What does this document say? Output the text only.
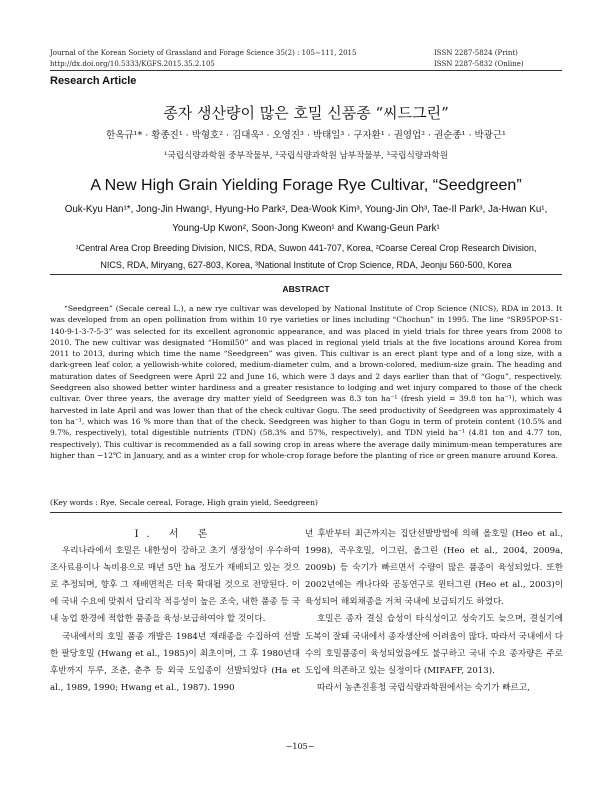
Journal of the Korean Society of Grassland and Forage Science 35(2) : 105∼111, 2015
http://dx.doi.org/10.5333/KGFS.2015.35.2.105
ISSN 2287-5824 (Print)
ISSN 2287-5832 (Online)
Research Article
종자 생산량이 많은 호밀 신품종 “씨드그린”
한옥규¹* · 황종진¹ · 박형호² · 김대욱³ · 오영진³ · 박태일³ · 구자환¹ · 권영업² · 권순종¹ · 박광근¹
¹국립식량과학원 중부작물부, ²국립식량과학원 남부작물부, ³국립식량과학원
A New High Grain Yielding Forage Rye Cultivar, “Seedgreen”
Ouk-Kyu Han¹*, Jong-Jin Hwang¹, Hyung-Ho Park², Dea-Wook Kim³, Young-Jin Oh³, Tae-Il Park³, Ja-Hwan Ku¹,
Young-Up Kwon², Soon-Jong Kweon¹ and Kwang-Geun Park¹
¹Central Area Crop Breeding Division, NICS, RDA, Suwon 441-707, Korea, ²Coarse Cereal Crop Research Division,
NICS, RDA, Miryang, 627-803, Korea, ³National Institute of Crop Science, RDA, Jeonju 560-500, Korea
ABSTRACT
“Seedgreen” (Secale cereal L.), a new rye cultivar was developed by National Institute of Crop Science (NICS), RDA in 2013. It was developed from an open pollination from within 10 rye varieties or lines including “Chochun” in 1995. The line “SR95POP-S1-140-9-1-3-7-5-3” was selected for its excellent agronomic appearance, and was placed in yield trials for three years from 2008 to 2010. The new cultivar was designated “Homil50” and was placed in regional yield trials at the five locations around Korea from 2011 to 2013, during which time the name “Seedgreen” was given. This cultivar is an erect plant type and of a long size, with a dark-green leaf color, a yellowish-white colored, medium-diameter culm, and a brown-colored, medium-size grain. The heading and maturation dates of Seedgreen were April 22 and June 16, which were 3 days and 2 days earlier than that of “Gogu”, respectively. Seedgreen also showed better winter hardiness and a greater resistance to lodging and wet injury compared to those of the check cultivar. Over three years, the average dry matter yield of Seedgreen was 8.3 ton ha⁻¹ (fresh yield = 39.8 ton ha⁻¹), which was harvested in late April and was lower than that of the check cultivar Gogu. The seed productivity of Seedgreen was approximately 4 ton ha⁻¹, which was 16 % more than that of the check. Seedgreen was higher to than Gogu in term of protein content (10.5% and 9.7%, respectively), total digestible nutrients (TDN) (58.3% and 57%, respectively), and TDN yield ha⁻¹ (4.81 ton and 4.77 ton, respectively). This cultivar is recommended as a fall sowing crop in areas where the average daily minimum-mean temperatures are higher than −12℃ in January, and as a winter crop for whole-crop forage before the planting of rice or green manure around Korea.
(Key words : Rye, Secale cereal, Forage, High grain yield, Seedgreen)

Ⅰ. 서 론

우리나라에서 호밀은 내한성이 강하고 초기 생장성이 우수하여 조사료용이나 녹비용으로 매년 5만 ha 정도가 재배되고 있는 것으로 추정되며, 향후 그 재배면적은 더욱 확대될 것으로 전망된다. 이에 국내 수요에 맞춰서 답리작 적응성이 높은 조숙, 내한 품종 등 국내 농업 환경에 적합한 품종을 육성·보급하여야 할 것이다.

국내에서의 호밀 품종 개발은 1984년 재래종을 수집하여 선발한 팔당호밀 (Hwang et al., 1985)이 최초이며, 그 후 1980년대 후반까지 두루, 조춘, 춘추 등 외국 도입종이 선발되었다 (Ha et al., 1989, 1990; Hwang et al., 1987). 1990

년 후반부터 최근까지는 집단선발방법에 의해 올호밀 (Heo et al., 1998), 곡우호밀, 이그린, 올그린 (Heo et al., 2004, 2009a, 2009b) 등 숙기가 빠르면서 수량이 많은 품종이 육성되었다. 또한 2002년에는 캐나다와 공동연구로 윈터그린 (Heo et al., 2003)이 육성되어 해외채종을 거쳐 국내에 보급되기도 하였다.

호밀은 종자 결실 습성이 타식성이고 성숙기도 늦으며, 결실기에 도복이 잘돼 국내에서 종자생산에 어려움이 많다. 따라서 국내에서 다수의 호밀품종이 육성되었음에도 불구하고 국내 수요 종자량은 주로 도입에 의존하고 있는 실정이다 (MIFAFF, 2013).

따라서 농촌진흥청 국립식량과학원에서는 숙기가 빠르고,

−105−
